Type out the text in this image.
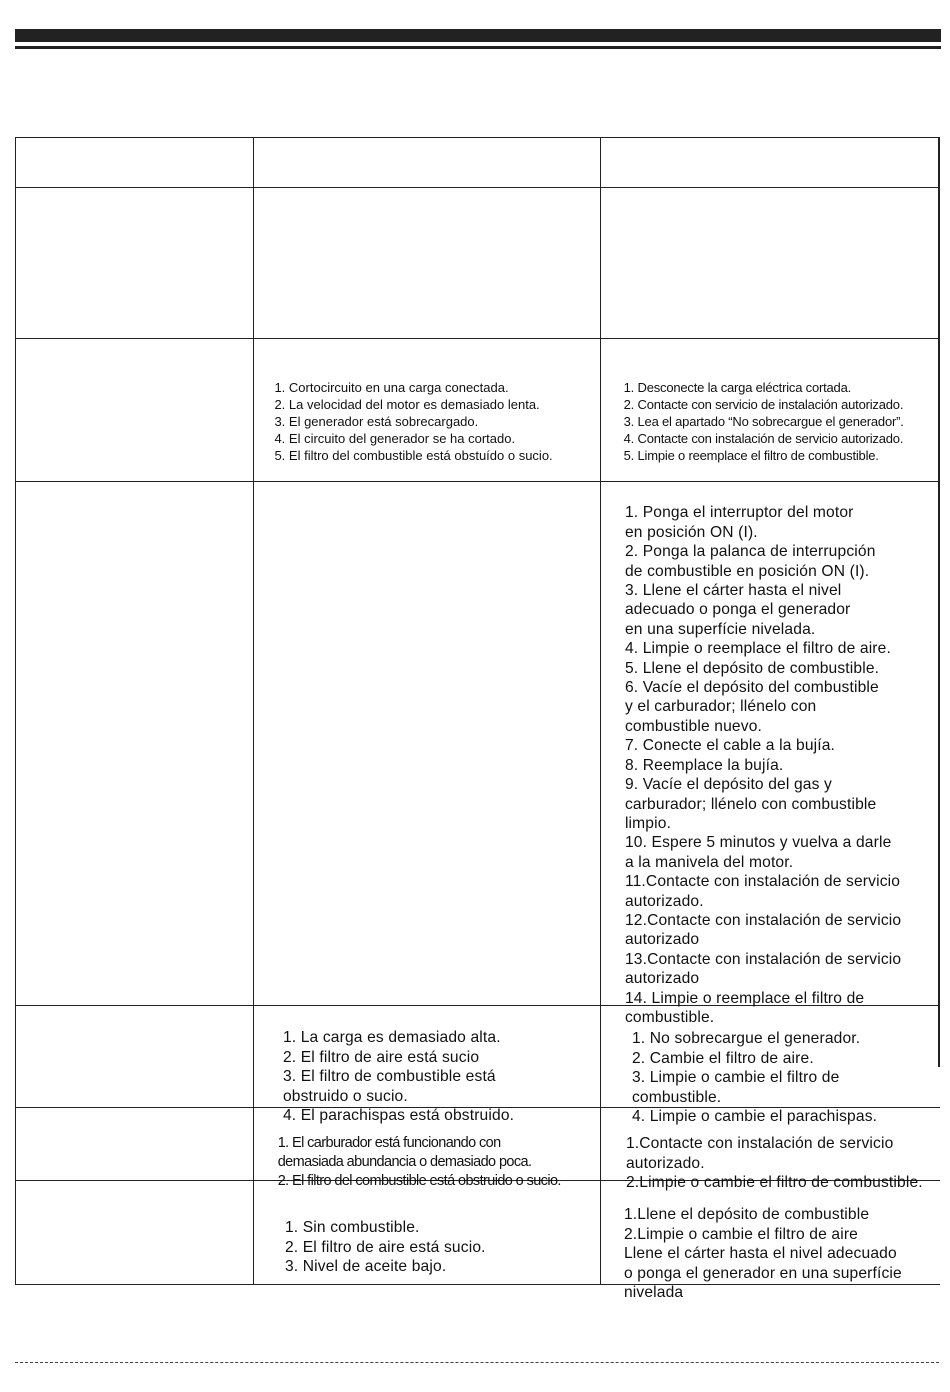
1. Cortocircuito en una carga conectada.
2. La velocidad del motor es demasiado lenta.
3. El generador está sobrecargado.
4. El circuito del generador se ha cortado.
5. El filtro del combustible está obstuído o sucio.

1. Desconecte la carga eléctrica cortada.
2. Contacte con servicio de instalación autorizado.
3. Lea el apartado “No sobrecargue el generador”.
4. Contacte con instalación de servicio autorizado.
5. Limpie o reemplace el filtro de combustible.

1. Ponga el interruptor del motor
en posición ON (I).
2. Ponga la palanca de interrupción
de combustible en posición ON (I).
3. Llene el cárter hasta el nivel
adecuado o ponga el generador
en una superfície nivelada.
4. Limpie o reemplace el filtro de aire.
5. Llene el depósito de combustible.
6. Vacíe el depósito del combustible
y el carburador; llénelo con
combustible nuevo.
7. Conecte el cable a la bujía.
8. Reemplace la bujía.
9. Vacíe el depósito del gas y
carburador; llénelo con combustible
limpio.
10. Espere 5 minutos y vuelva a darle
a la manivela del motor.
11.Contacte con instalación de servicio
autorizado.
12.Contacte con instalación de servicio
autorizado
13.Contacte con instalación de servicio
autorizado
14. Limpie o reemplace el filtro de
combustible.

1. La carga es demasiado alta.
2. El filtro de aire está sucio
3. El filtro de combustible está
obstruido o sucio.
4. El parachispas está obstruido.

1. No sobrecargue el generador.
2. Cambie el filtro de aire.
3. Limpie o cambie el filtro de
combustible.
4. Limpie o cambie el parachispas.

1. El carburador está funcionando con
demasiada abundancia o demasiado poca.
2. El filtro del combustible está obstruido o sucio.

1.Contacte con instalación de servicio
autorizado.
2.Limpie o cambie el filtro de combustible.

1. Sin combustible.
2. El filtro de aire está sucio.
3. Nivel de aceite bajo.

1.Llene el depósito de combustible
2.Limpie o cambie el filtro de aire
Llene el cárter hasta el nivel adecuado
o ponga el generador en una superfície
nivelada
